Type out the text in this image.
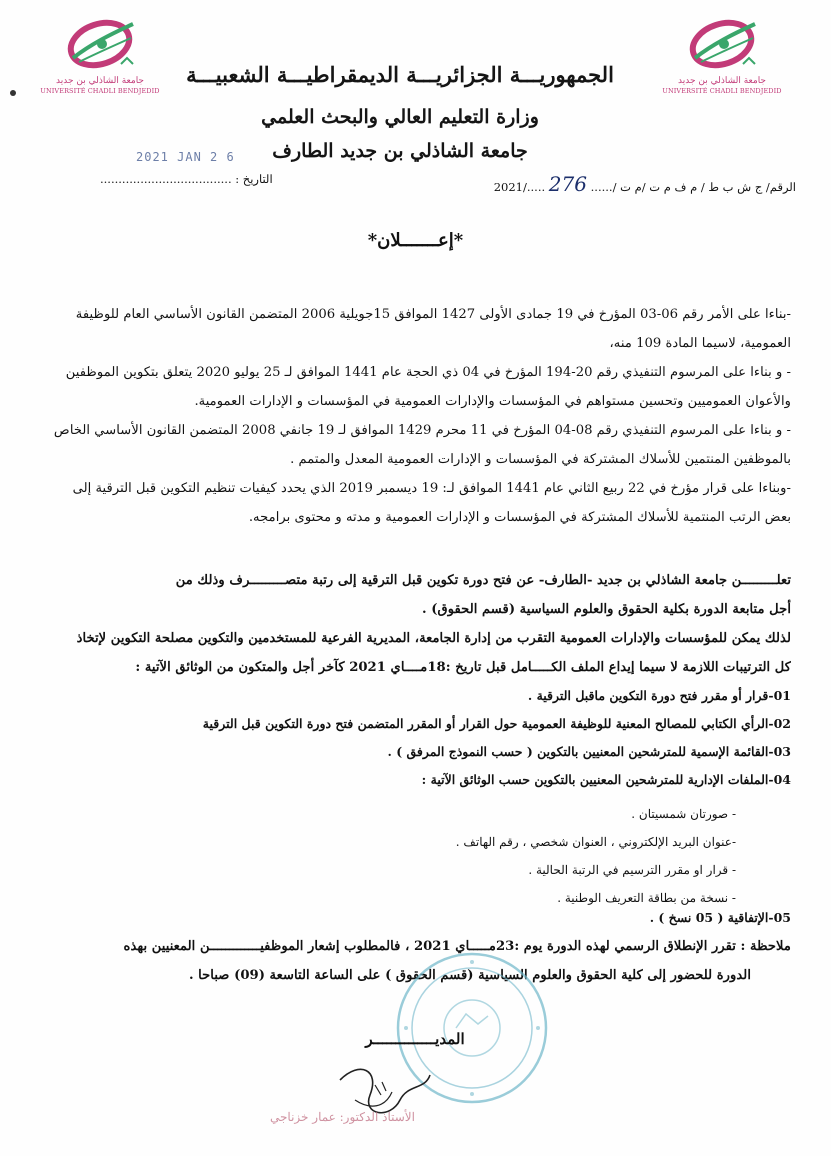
جامعة الشاذلي بن جديد
UNIVERSITÉ CHADLI BENDJEDID
جامعة الشاذلي بن جديد
UNIVERSITÉ CHADLI BENDJEDID
الجمهوريـــة الجزائريـــة الديمقراطيـــة الشعبيـــة
وزارة التعليم العالي والبحث العلمي
جامعة الشاذلي بن جديد الطارف
2021 JAN 2 6
الرقم/ ج ش ب ط / م ف م ت /م ت /...... 276 ...../2021
التاريخ : ....................................
*إعـــــــلان*
-بناءا على الأمر رقم 06-03 المؤرخ في 19 جمادى الأولى 1427 الموافق 15جويلية 2006 المتضمن القانون الأساسي العام للوظيفة
العمومية، لاسيما المادة 109 منه،
- و بناءا على المرسوم التنفيذي رقم 20-194 المؤرخ في 04 ذي الحجة عام 1441 الموافق لـ 25 يوليو 2020 يتعلق بتكوين الموظفين
والأعوان العموميين وتحسين مستواهم في المؤسسات والإدارات العمومية في المؤسسات و الإدارات العمومية.
- و بناءا على المرسوم التنفيذي رقم 08-04 المؤرخ في 11 محرم 1429 الموافق لـ 19 جانفي 2008 المتضمن القانون الأساسي الخاص
بالموظفين المنتمين للأسلاك المشتركة في المؤسسات و الإدارات العمومية المعدل والمتمم .
-وبناءا على قرار مؤرخ في 22 ربيع الثاني عام 1441 الموافق لـ: 19 ديسمبر 2019 الذي يحدد كيفيات تنظيم التكوين قبل الترقية إلى
بعض الرتب المنتمية للأسلاك المشتركة في المؤسسات و الإدارات العمومية و مدته و محتوى برامجه.
تعلـــــــــن جامعة الشاذلي بن جديد -الطارف- عن فتح دورة تكوين قبل الترقية إلى رتبة متصـــــــــرف وذلك من
أجل متابعة الدورة بكلية الحقوق والعلوم السياسية (قسم الحقوق) .
لذلك يمكن للمؤسسات والإدارات العمومية التقرب من إدارة الجامعة، المديرية الفرعية للمستخدمين والتكوين مصلحة التكوين لإتخاذ
كل الترتيبات اللازمة لا سيما إيداع الملف الكـــــامل قبل تاريخ :18مــــاي 2021 كآخر أجل والمتكون من الوثائق الآتية :
01-قرار أو مقرر فتح دورة التكوين ماقبل الترقية .
02-الرأي الكتابي للمصالح المعنية للوظيفة العمومية حول القرار أو المقرر المتضمن فتح دورة التكوين قبل الترقية
03-القائمة الإسمية للمترشحين المعنيين بالتكوين ( حسب النموذج المرفق ) .
04-الملفات الإدارية للمترشحين المعنيين بالتكوين حسب الوثائق الآتية :
- صورتان شمسيتان .
-عنوان البريد الإلكتروني ، العنوان شخصي ، رقم الهاتف .
- قرار او مقرر الترسيم في الرتبة الحالية .
- نسخة من بطاقة التعريف الوطنية .
05-الإتفاقية ( 05 نسخ ) .
ملاحظة : تقرر الإنطلاق الرسمي لهذه الدورة يوم :23مـــــاي 2021 ، فالمطلوب إشعار الموظفيـــــــــــــن المعنيين بهذه
الدورة للحضور إلى كلية الحقوق والعلوم السياسية (قسم الحقوق ) على الساعة التاسعة (09) صباحا .
المديــــــــــــــر
الأستاذ الدكتور: عمار خزناجي
